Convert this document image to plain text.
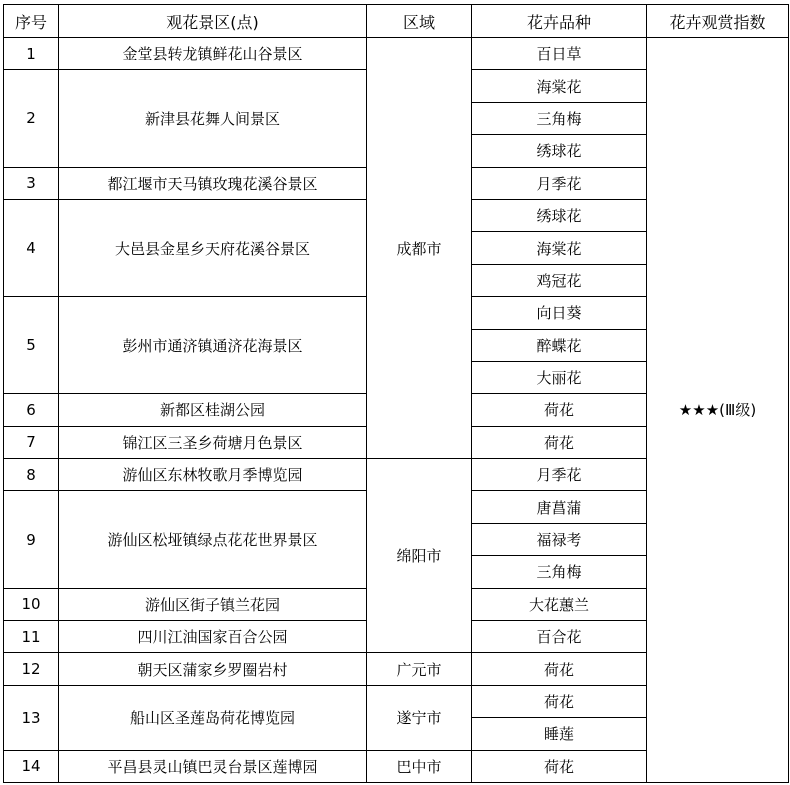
序号	观花景区(点)	区域	花卉品种	花卉观赏指数
1	金堂县转龙镇鲜花山谷景区	成都市	百日草	★★★(Ⅲ级)
2	新津县花舞人间景区		海棠花	
			三角梅	
			绣球花	
3	都江堰市天马镇玫瑰花溪谷景区		月季花	
4	大邑县金星乡天府花溪谷景区		绣球花	
			海棠花	
			鸡冠花	
5	彭州市通济镇通济花海景区		向日葵	
			醉蝶花	
			大丽花	
6	新都区桂湖公园		荷花	
7	锦江区三圣乡荷塘月色景区		荷花	
8	游仙区东林牧歌月季博览园	绵阳市	月季花	
9	游仙区松垭镇绿点花花世界景区		唐菖蒲	
			福禄考	
			三角梅	
10	游仙区街子镇兰花园		大花蕙兰	
11	四川江油国家百合公园		百合花	
12	朝天区蒲家乡罗圈岩村	广元市	荷花	
13	船山区圣莲岛荷花博览园	遂宁市	荷花	
			睡莲	
14	平昌县灵山镇巴灵台景区莲博园	巴中市	荷花	
